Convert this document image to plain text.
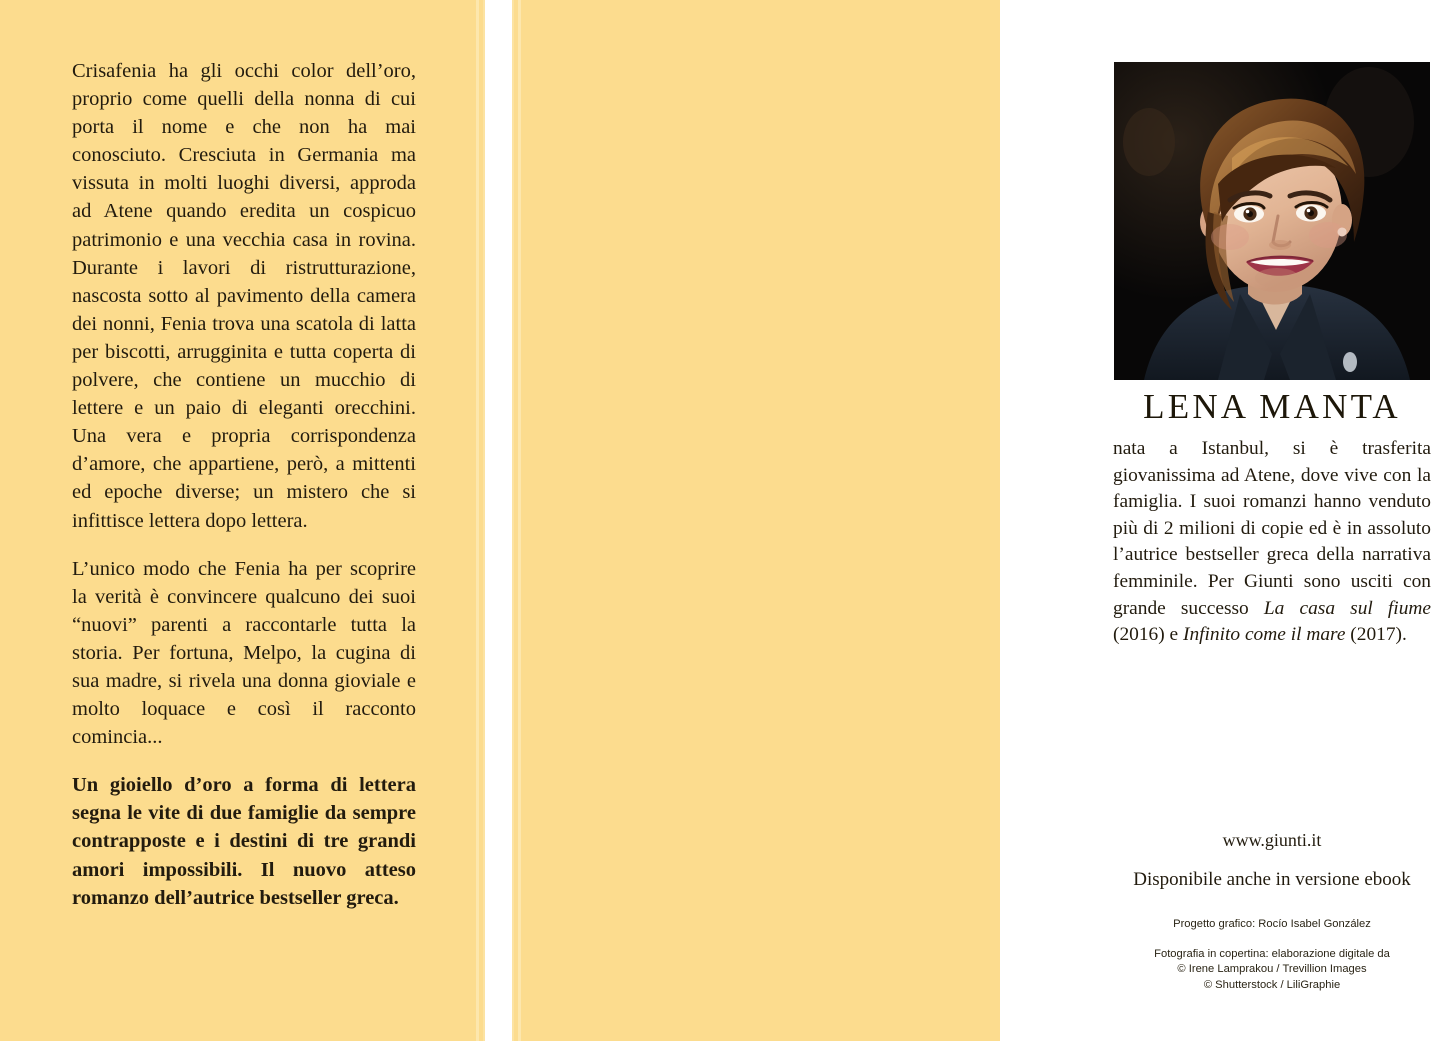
Crisafenia ha gli occhi color dell’oro, proprio come quelli della nonna di cui porta il nome e che non ha mai conosciuto. Cresciuta in Germania ma vissuta in molti luoghi diversi, approda ad Atene quando eredita un cospicuo patrimonio e una vecchia casa in rovina. Durante i lavori di ristrutturazione, nascosta sotto al pavimento della camera dei nonni, Fenia trova una scatola di latta per biscotti, arrugginita e tutta coperta di polvere, che contiene un mucchio di lettere e un paio di eleganti orecchini. Una vera e propria corrispondenza d’amore, che appartiene, però, a mittenti ed epoche diverse; un mistero che si infittisce lettera dopo lettera.

L’unico modo che Fenia ha per scoprire la verità è convincere qualcuno dei suoi “nuovi” parenti a raccontarle tutta la storia. Per fortuna, Melpo, la cugina di sua madre, si rivela una donna gioviale e molto loquace e così il racconto comincia...

Un gioiello d’oro a forma di lettera segna le vite di due famiglie da sempre contrapposte e i destini di tre grandi amori impossibili. Il nuovo atteso romanzo dell’autrice bestseller greca.

LENA MANTA

nata a Istanbul, si è trasferita giovanissima ad Atene, dove vive con la famiglia. I suoi romanzi hanno venduto più di 2 milioni di copie ed è in assoluto l’autrice bestseller greca della narrativa femminile. Per Giunti sono usciti con grande successo La casa sul fiume (2016) e Infinito come il mare (2017).

www.giunti.it
Disponibile anche in versione ebook
Progetto grafico: Rocío Isabel González
Fotografia in copertina: elaborazione digitale da
© Irene Lamprakou / Trevillion Images
© Shutterstock / LiliGraphie
